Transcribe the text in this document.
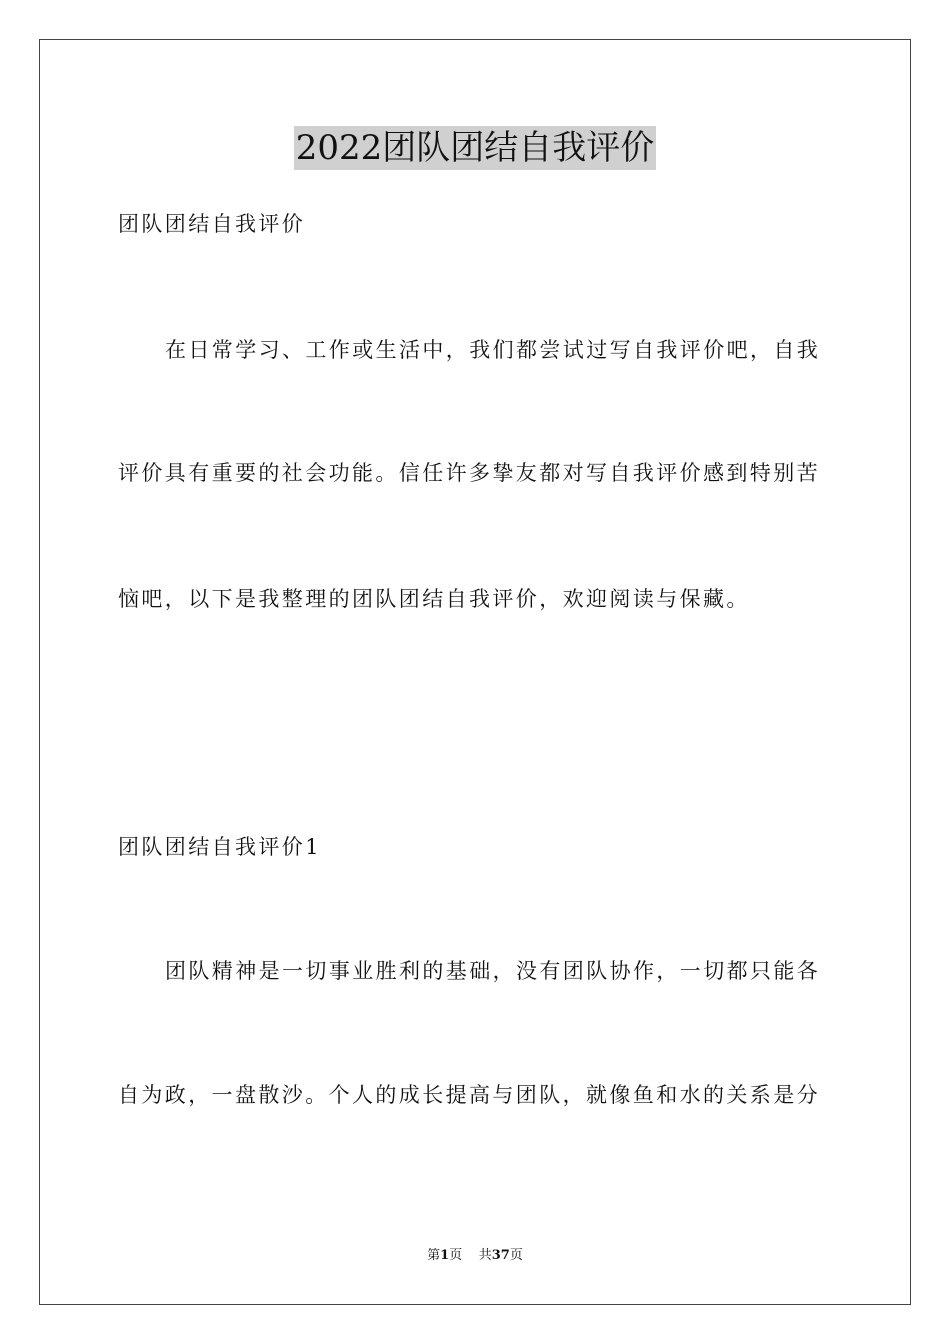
2022团队团结自我评价
团队团结自我评价
在日常学习、工作或生活中，我们都尝试过写自我评价吧，自我
评价具有重要的社会功能。信任许多挚友都对写自我评价感到特别苦
恼吧，以下是我整理的团队团结自我评价，欢迎阅读与保藏。
团队团结自我评价1
团队精神是一切事业胜利的基础，没有团队协作，一切都只能各
自为政，一盘散沙。个人的成长提高与团队，就像鱼和水的关系是分
第1页 共37页
